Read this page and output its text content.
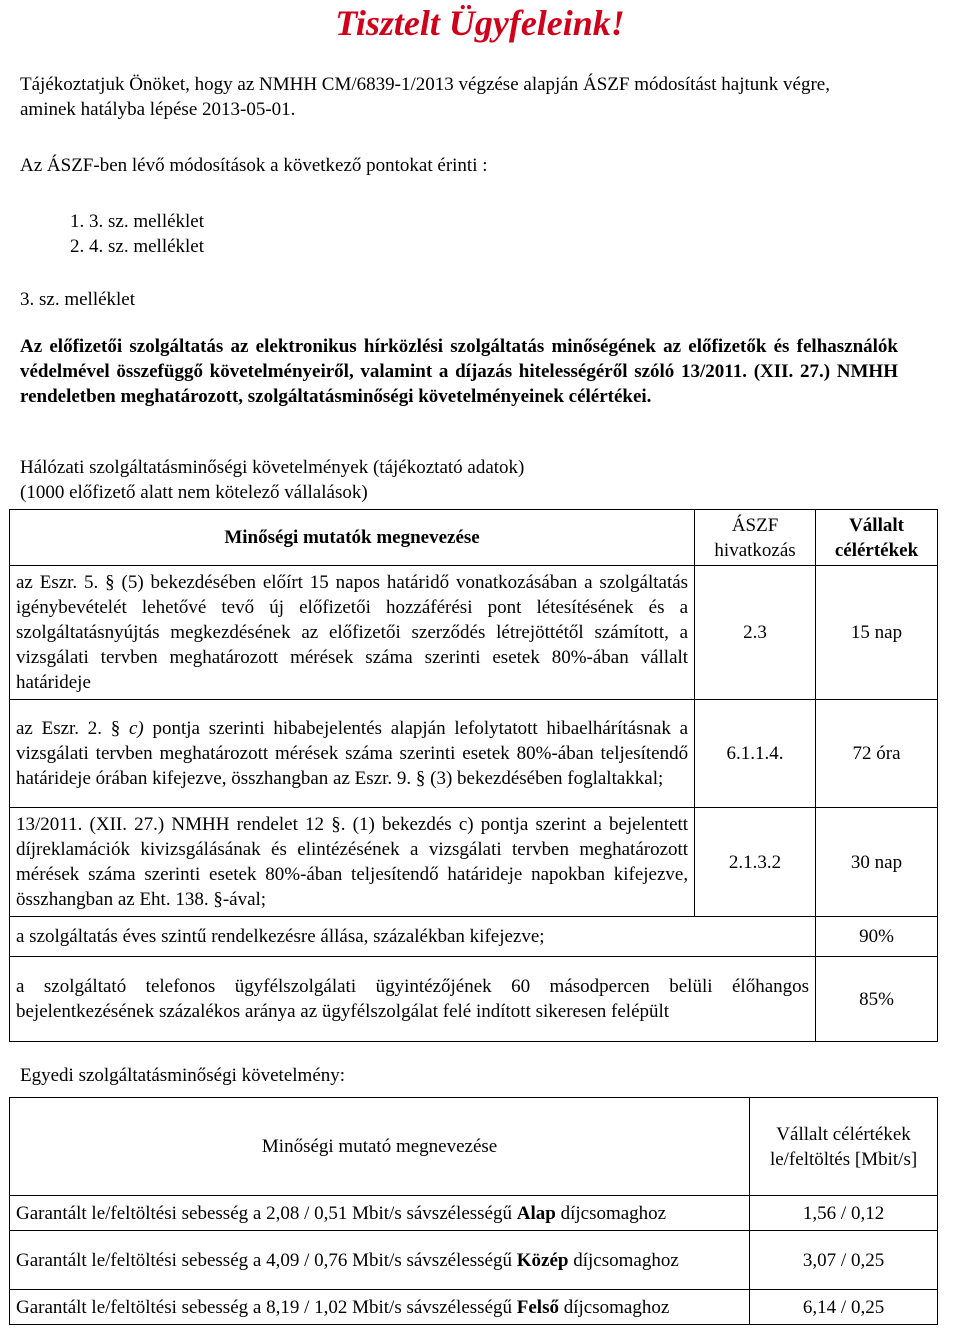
Tisztelt Ügyfeleink!

Tájékoztatjuk Önöket, hogy az NMHH CM/6839-1/2013 végzése alapján ÁSZF módosítást hajtunk végre, aminek hatályba lépése 2013-05-01.

Az ÁSZF-ben lévő módosítások a következő pontokat érinti :

1. 3. sz. melléklet

2. 4. sz. melléklet

3. sz. melléklet

Az előfizetői szolgáltatás az elektronikus hírközlési szolgáltatás minőségének az előfizetők és felhasználók védelmével összefüggő követelményeiről, valamint a díjazás hitelességéről szóló 13/2011. (XII. 27.) NMHH rendeletben meghatározott, szolgáltatásminőségi követelményeinek célértékei.

Hálózati szolgáltatásminőségi követelmények (tájékoztató adatok)

(1000 előfizető alatt nem kötelező vállalások)

Minőségi mutatók megnevezése	ÁSZF hivatkozás	Vállalt célértékek
az Eszr. 5. § (5) bekezdésében előírt 15 napos határidő vonatkozásában a szolgáltatás igénybevételét lehetővé tevő új előfizetői hozzáférési pont létesítésének és a szolgáltatásnyújtás megkezdésének az előfizetői szerződés létrejöttétől számított, a vizsgálati tervben meghatározott mérések száma szerinti esetek 80%-ában vállalt határideje	2.3	15 nap
az Eszr. 2. § c) pontja szerinti hibabejelentés alapján lefolytatott hibaelhárításnak a vizsgálati tervben meghatározott mérések száma szerinti esetek 80%-ában teljesítendő határideje órában kifejezve, összhangban az Eszr. 9. § (3) bekezdésében foglaltakkal;	6.1.1.4.	72 óra
13/2011. (XII. 27.) NMHH rendelet 12 §. (1) bekezdés c) pontja szerint a bejelentett díjreklamációk kivizsgálásának és elintézésének a vizsgálati tervben meghatározott mérések száma szerinti esetek 80%-ában teljesítendő határideje napokban kifejezve, összhangban az Eht. 138. §-ával;	2.1.3.2	30 nap
a szolgáltatás éves szintű rendelkezésre állása, százalékban kifejezve;		90%
a szolgáltató telefonos ügyfélszolgálati ügyintézőjének 60 másodpercen belüli élőhangos bejelentkezésének százalékos aránya az ügyfélszolgálat felé indított sikeresen felépült		85%

Egyedi szolgáltatásminőségi követelmény:

Minőségi mutató megnevezése	Vállalt célértékek le/feltöltés [Mbit/s]
Garantált le/feltöltési sebesség a 2,08 / 0,51 Mbit/s sávszélességű Alap díjcsomaghoz	1,56 / 0,12
Garantált le/feltöltési sebesség a 4,09 / 0,76 Mbit/s sávszélességű Közép díjcsomaghoz	3,07 / 0,25
Garantált le/feltöltési sebesség a 8,19 / 1,02 Mbit/s sávszélességű Felső díjcsomaghoz	6,14 / 0,25
